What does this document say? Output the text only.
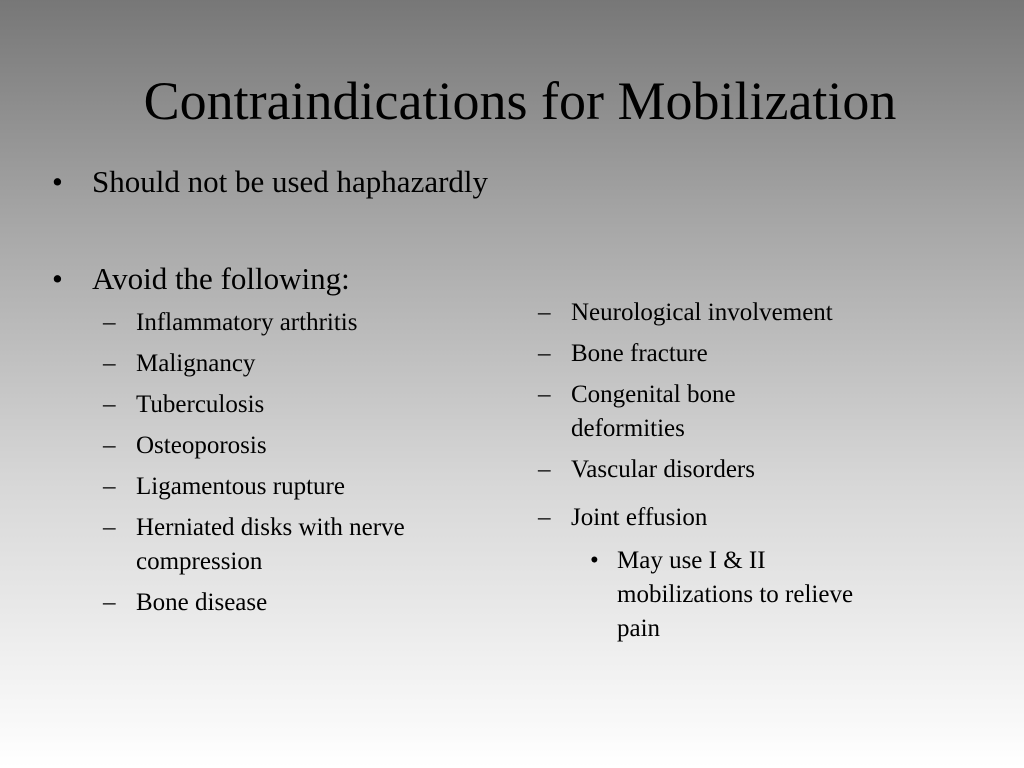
Contraindications for Mobilization
• Should not be used haphazardly
• Avoid the following:
– Inflammatory arthritis
– Malignancy
– Tuberculosis
– Osteoporosis
– Ligamentous rupture
– Herniated disks with nerve compression
– Bone disease
– Neurological involvement
– Bone fracture
– Congenital bone deformities
– Vascular disorders
– Joint effusion
• May use I & II mobilizations to relieve pain
